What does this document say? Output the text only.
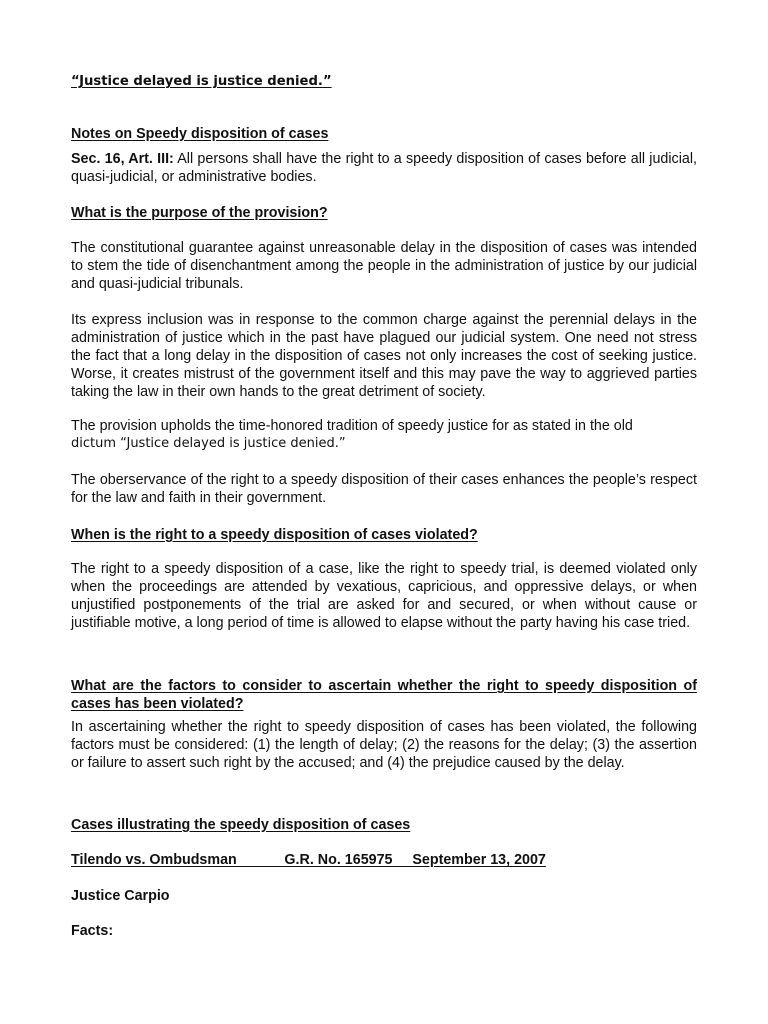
“Justice delayed is justice denied.”
Notes on Speedy disposition of cases
Sec. 16, Art. III: All persons shall have the right to a speedy disposition of cases before all judicial, quasi-judicial, or administrative bodies.
What is the purpose of the provision?
The constitutional guarantee against unreasonable delay in the disposition of cases was intended to stem the tide of disenchantment among the people in the administration of justice by our judicial and quasi-judicial tribunals.
Its express inclusion was in response to the common charge against the perennial delays in the administration of justice which in the past have plagued our judicial system. One need not stress the fact that a long delay in the disposition of cases not only increases the cost of seeking justice. Worse, it creates mistrust of the government itself and this may pave the way to aggrieved parties taking the law in their own hands to the great detriment of society.
The provision upholds the time-honored tradition of speedy justice for as stated in the old
dictum “Justice delayed is justice denied.”
The oberservance of the right to a speedy disposition of their cases enhances the people’s respect for the law and faith in their government.
When is the right to a speedy disposition of cases violated?
The right to a speedy disposition of a case, like the right to speedy trial, is deemed violated only when the proceedings are attended by vexatious, capricious, and oppressive delays, or when unjustified postponements of the trial are asked for and secured, or when without cause or justifiable motive, a long period of time is allowed to elapse without the party having his case tried.
What are the factors to consider to ascertain whether the right to speedy disposition of cases has been violated?
In ascertaining whether the right to speedy disposition of cases has been violated, the following factors must be considered: (1) the length of delay; (2) the reasons for the delay; (3) the assertion or failure to assert such right by the accused; and (4) the prejudice caused by the delay.
Cases illustrating the speedy disposition of cases
Tilendo vs. Ombudsman            G.R. No. 165975     September 13, 2007
Justice Carpio
Facts:
